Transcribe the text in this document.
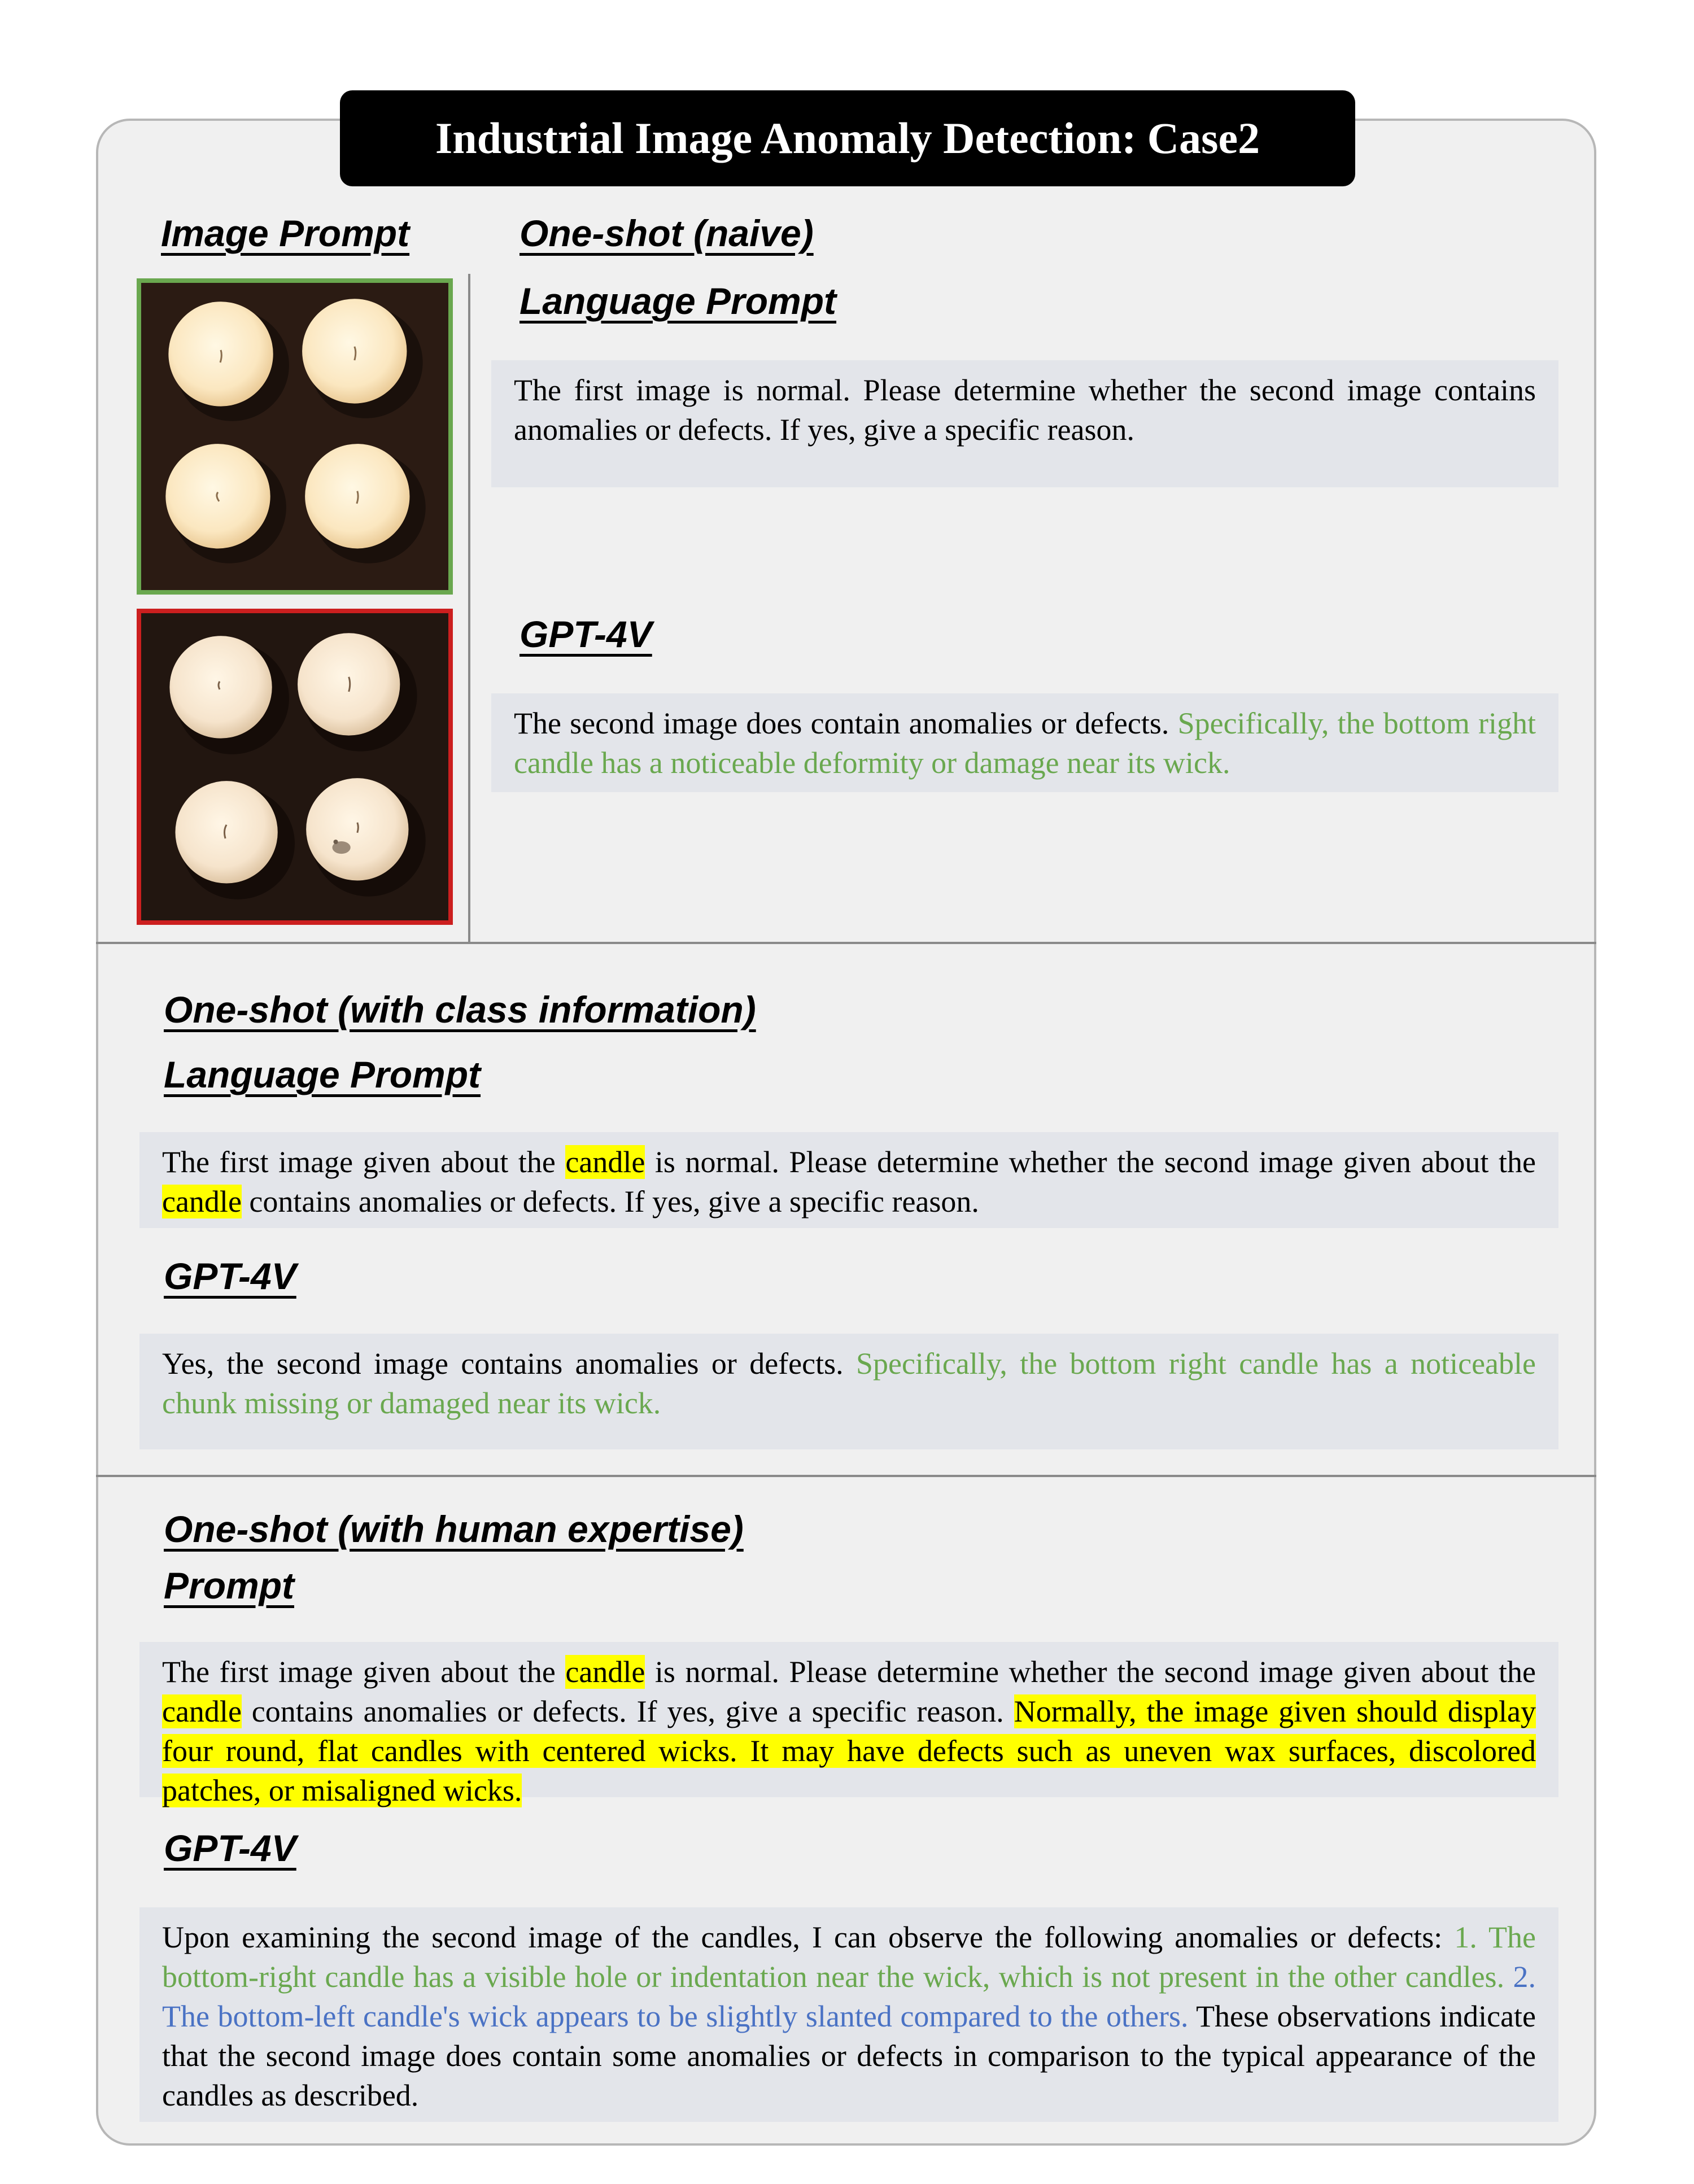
Industrial Image Anomaly Detection: Case2
Image Prompt	One-shot (naive)
Language Prompt
The first image is normal. Please determine whether the second image contains anomalies or defects. If yes, give a specific reason.
GPT-4V
The second image does contain anomalies or defects. Specifically, the bottom right candle has a noticeable deformity or damage near its wick.
One-shot (with class information)
Language Prompt
The first image given about the candle is normal. Please determine whether the second image given about the candle contains anomalies or defects. If yes, give a specific reason.
GPT-4V
Yes, the second image contains anomalies or defects. Specifically, the bottom right candle has a noticeable chunk missing or damaged near its wick.
One-shot (with human expertise)
Prompt
The first image given about the candle is normal. Please determine whether the second image given about the candle contains anomalies or defects. If yes, give a specific reason. Normally, the image given should display four round, flat candles with centered wicks. It may have defects such as uneven wax surfaces, discolored patches, or misaligned wicks.
GPT-4V
Upon examining the second image of the candles, I can observe the following anomalies or defects: 1. The bottom-right candle has a visible hole or indentation near the wick, which is not present in the other candles. 2. The bottom-left candle's wick appears to be slightly slanted compared to the others. These observations indicate that the second image does contain some anomalies or defects in comparison to the typical appearance of the candles as described.
